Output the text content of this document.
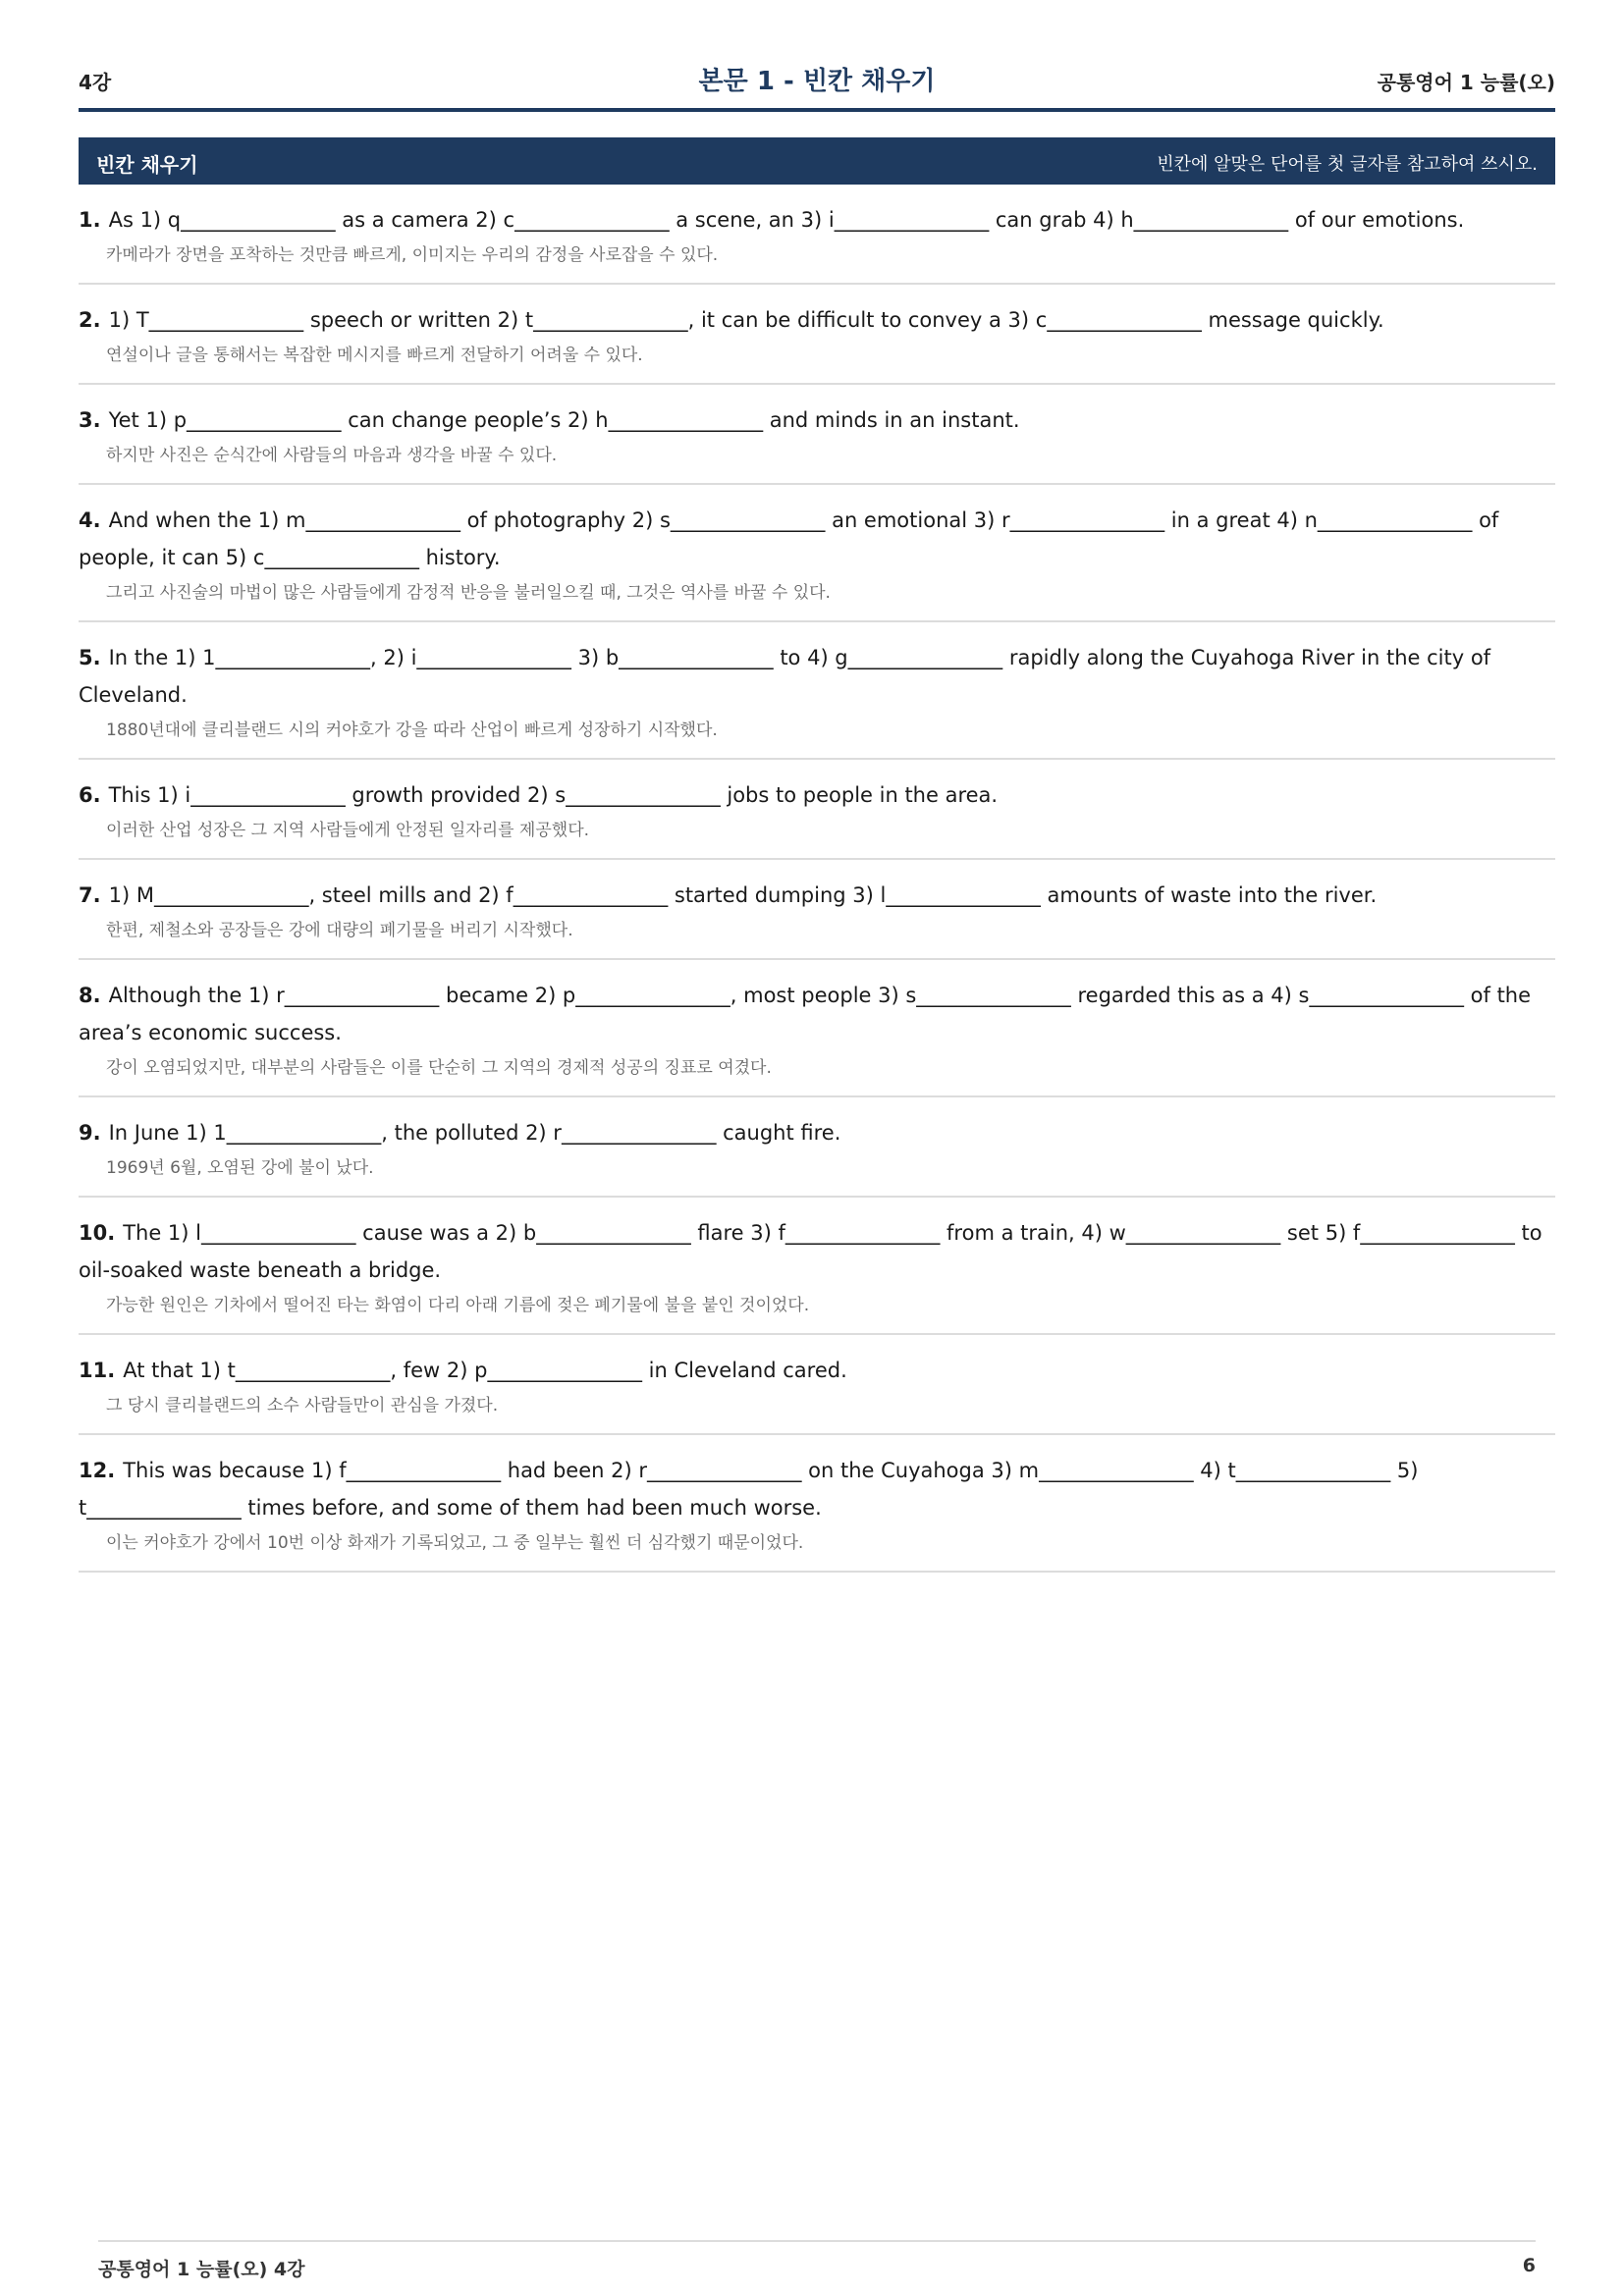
4강	본문 1 - 빈칸 채우기	공통영어 1 능률(오)
빈칸 채우기	빈칸에 알맞은 단어를 첫 글자를 참고하여 쓰시오.
1. As 1) q_______________ as a camera 2) c_______________ a scene, an 3) i_______________ can grab 4) h_______________ of our emotions.
카메라가 장면을 포착하는 것만큼 빠르게, 이미지는 우리의 감정을 사로잡을 수 있다.
2. 1) T_______________ speech or written 2) t_______________, it can be difficult to convey a 3) c_______________ message quickly.
연설이나 글을 통해서는 복잡한 메시지를 빠르게 전달하기 어려울 수 있다.
3. Yet 1) p_______________ can change people’s 2) h_______________ and minds in an instant.
하지만 사진은 순식간에 사람들의 마음과 생각을 바꿀 수 있다.
4. And when the 1) m_______________ of photography 2) s_______________ an emotional 3) r_______________ in a great 4) n_______________ of people, it can 5) c_______________ history.
그리고 사진술의 마법이 많은 사람들에게 감정적 반응을 불러일으킬 때, 그것은 역사를 바꿀 수 있다.
5. In the 1) 1_______________, 2) i_______________ 3) b_______________ to 4) g_______________ rapidly along the Cuyahoga River in the city of Cleveland.
1880년대에 클리블랜드 시의 커야호가 강을 따라 산업이 빠르게 성장하기 시작했다.
6. This 1) i_______________ growth provided 2) s_______________ jobs to people in the area.
이러한 산업 성장은 그 지역 사람들에게 안정된 일자리를 제공했다.
7. 1) M_______________, steel mills and 2) f_______________ started dumping 3) l_______________ amounts of waste into the river.
한편, 제철소와 공장들은 강에 대량의 폐기물을 버리기 시작했다.
8. Although the 1) r_______________ became 2) p_______________, most people 3) s_______________ regarded this as a 4) s_______________ of the area’s economic success.
강이 오염되었지만, 대부분의 사람들은 이를 단순히 그 지역의 경제적 성공의 징표로 여겼다.
9. In June 1) 1_______________, the polluted 2) r_______________ caught fire.
1969년 6월, 오염된 강에 불이 났다.
10. The 1) l_______________ cause was a 2) b_______________ flare 3) f_______________ from a train, 4) w_______________ set 5) f_______________ to oil-soaked waste beneath a bridge.
가능한 원인은 기차에서 떨어진 타는 화염이 다리 아래 기름에 젖은 폐기물에 불을 붙인 것이었다.
11. At that 1) t_______________, few 2) p_______________ in Cleveland cared.
그 당시 클리블랜드의 소수 사람들만이 관심을 가졌다.
12. This was because 1) f_______________ had been 2) r_______________ on the Cuyahoga 3) m_______________ 4) t_______________ 5) t_______________ times before, and some of them had been much worse.
이는 커야호가 강에서 10번 이상 화재가 기록되었고, 그 중 일부는 훨씬 더 심각했기 때문이었다.
공통영어 1 능률(오) 4강	6
